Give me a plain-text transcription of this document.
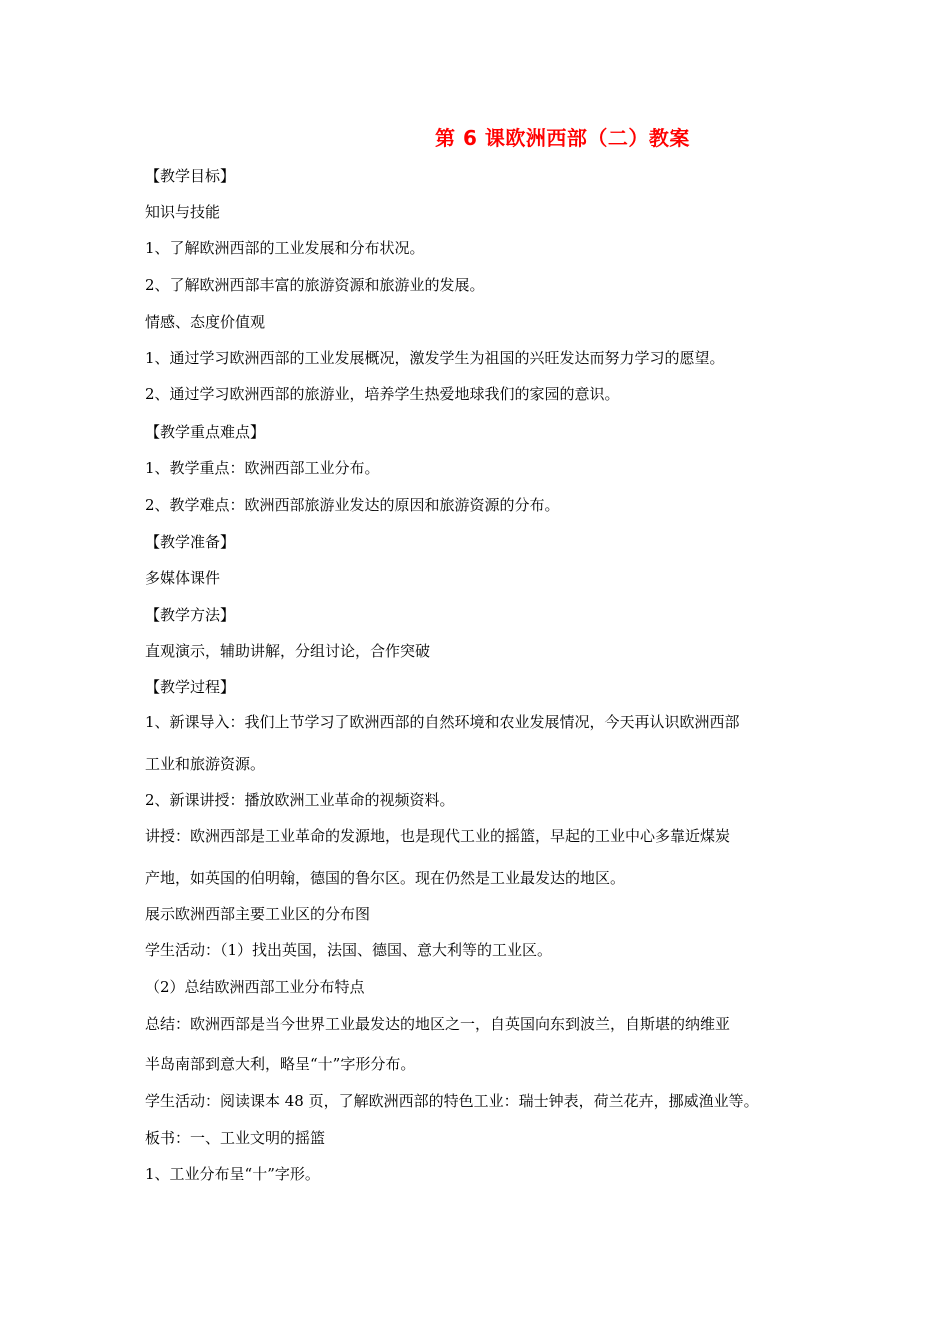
第 6 课欧洲西部（二）教案
【教学目标】
知识与技能
1、了解欧洲西部的工业发展和分布状况。
2、了解欧洲西部丰富的旅游资源和旅游业的发展。
情感、态度价值观
1、通过学习欧洲西部的工业发展概况，激发学生为祖国的兴旺发达而努力学习的愿望。
2、通过学习欧洲西部的旅游业，培养学生热爱地球我们的家园的意识。
【教学重点难点】
1、教学重点：欧洲西部工业分布。
2、教学难点：欧洲西部旅游业发达的原因和旅游资源的分布。
【教学准备】
多媒体课件
【教学方法】
直观演示，辅助讲解，分组讨论，合作突破
【教学过程】
1、新课导入：我们上节学习了欧洲西部的自然环境和农业发展情况，今天再认识欧洲西部
工业和旅游资源。
2、新课讲授：播放欧洲工业革命的视频资料。
讲授：欧洲西部是工业革命的发源地，也是现代工业的摇篮，早起的工业中心多靠近煤炭
产地，如英国的伯明翰，德国的鲁尔区。现在仍然是工业最发达的地区。
展示欧洲西部主要工业区的分布图
学生活动：（1）找出英国，法国、德国、意大利等的工业区。
（2）总结欧洲西部工业分布特点
总结：欧洲西部是当今世界工业最发达的地区之一，自英国向东到波兰，自斯堪的纳维亚
半岛南部到意大利，略呈“十”字形分布。
学生活动：阅读课本 48 页，了解欧洲西部的特色工业：瑞士钟表，荷兰花卉，挪威渔业等。
板书：一、工业文明的摇篮
1、工业分布呈“十”字形。
